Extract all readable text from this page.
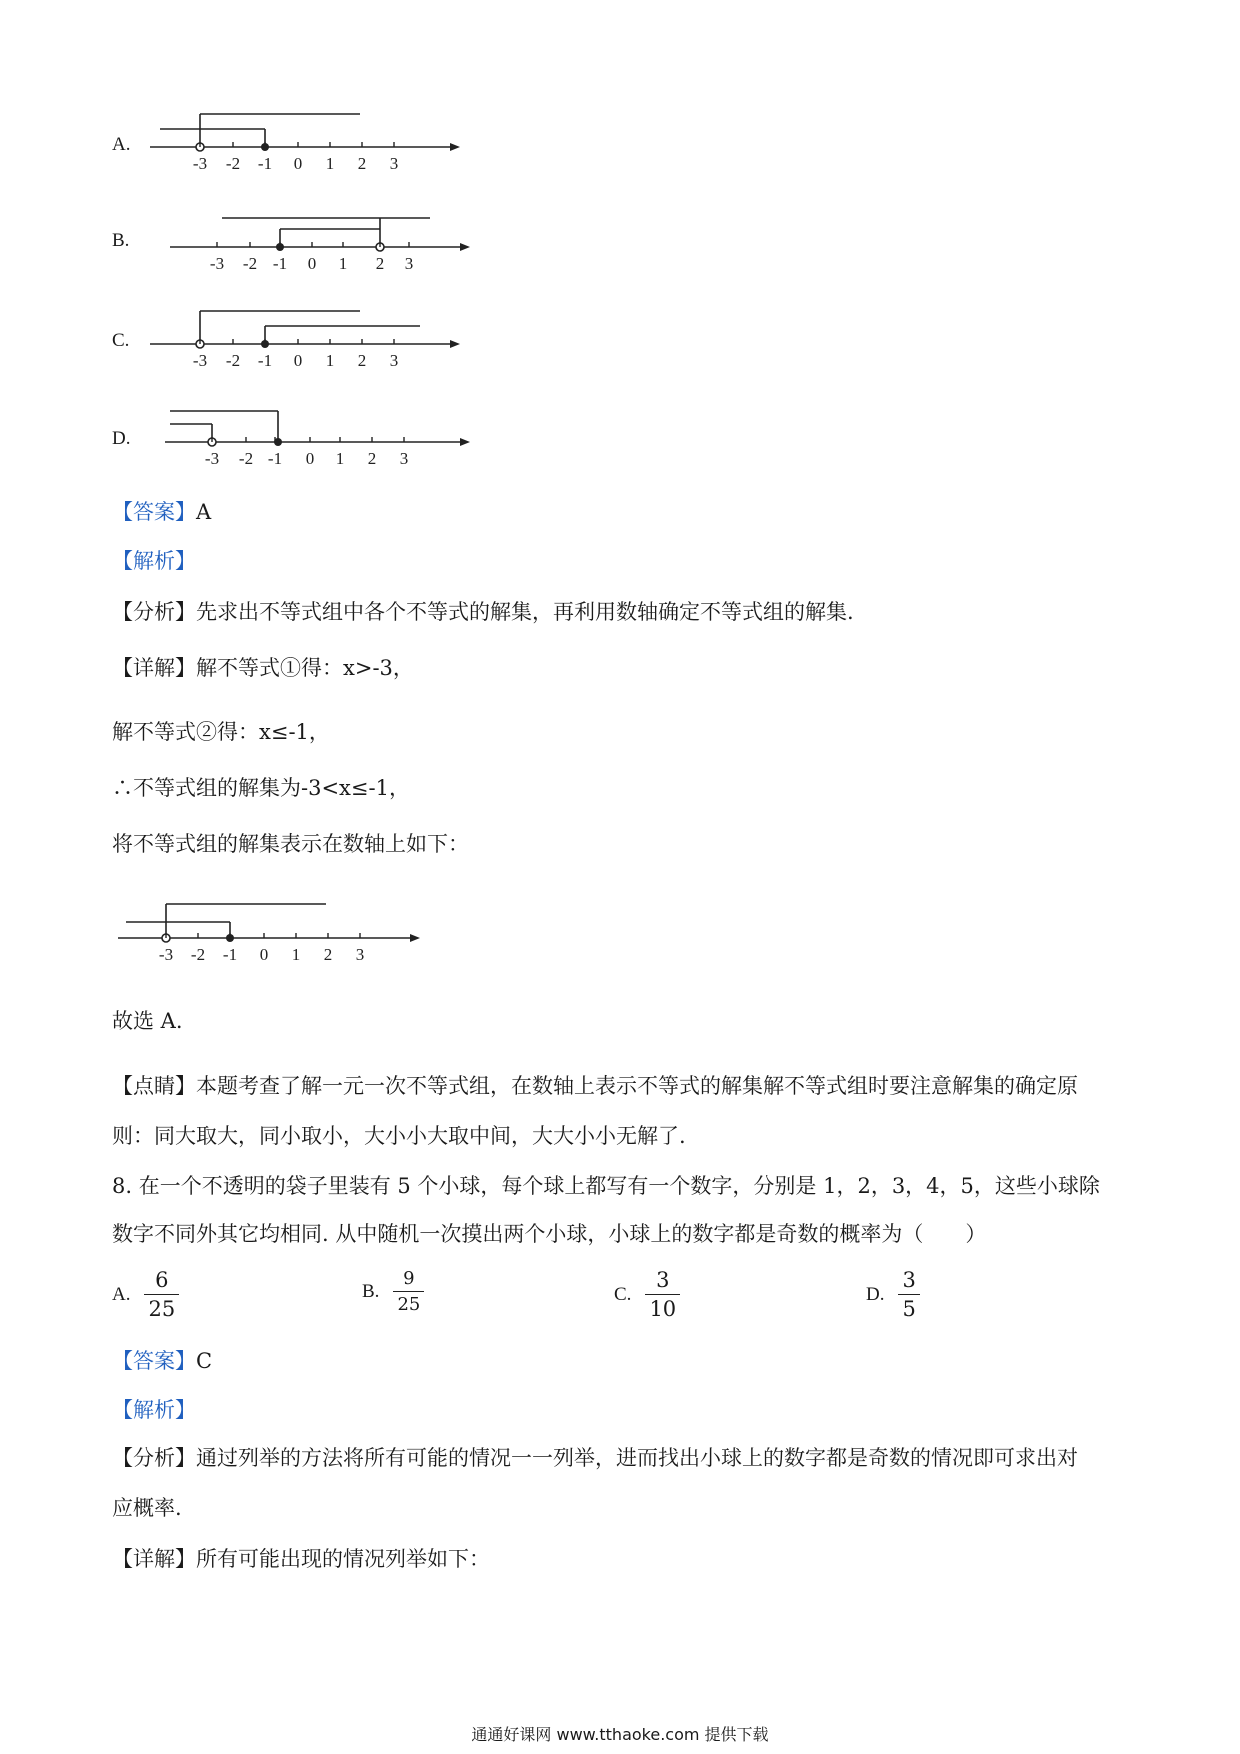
A.
-3 -2 -1 0 1 2 3
B.
-3 -2 -1 0 1 2 3
C.
-3 -2 -1 0 1 2 3
D.
-3 -2 -1 0 1 2 3
【答案】A
【解析】
【分析】先求出不等式组中各个不等式的解集，再利用数轴确定不等式组的解集.
【详解】解不等式①得：x>-3，
解不等式②得：x≤-1，
∴不等式组的解集为-3<x≤-1，
将不等式组的解集表示在数轴上如下：
-3 -2 -1 0 1 2 3
故选 A.
【点睛】本题考查了解一元一次不等式组，在数轴上表示不等式的解集解不等式组时要注意解集的确定原
则：同大取大，同小取小，大小小大取中间，大大小小无解了.
8. 在一个不透明的袋子里装有 5 个小球，每个球上都写有一个数字，分别是 1，2，3，4，5，这些小球除
数字不同外其它均相同. 从中随机一次摸出两个小球，小球上的数字都是奇数的概率为（　　）
A. $\frac{6}{25}$	B. $\frac{9}{25}$	C. $\frac{3}{10}$	D. $\frac{3}{5}$
【答案】C
【解析】
【分析】通过列举的方法将所有可能的情况一一列举，进而找出小球上的数字都是奇数的情况即可求出对
应概率.
【详解】所有可能出现的情况列举如下：
通通好课网 www.tthaoke.com 提供下载
